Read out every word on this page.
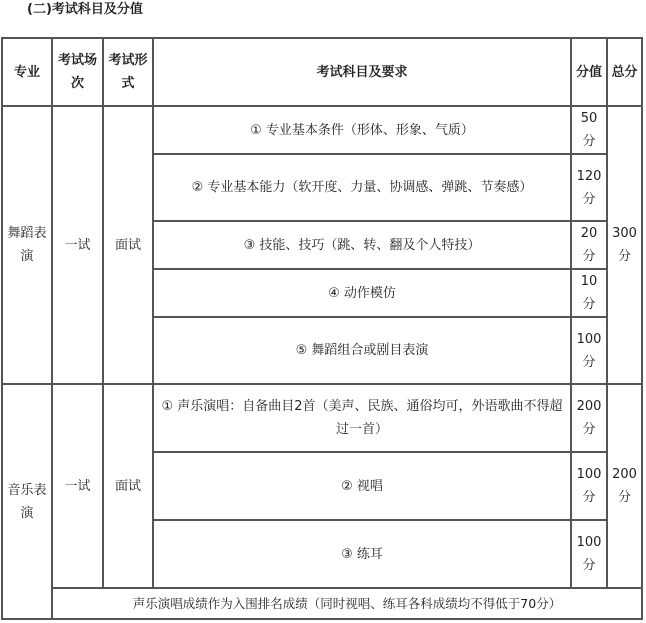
(二)考试科目及分值
专业	考试场次	考试形式	考试科目及要求	分值	总分
舞蹈表演	一试	面试	① 专业基本条件（形体、形象、气质）	50分	300分
			② 专业基本能力（软开度、力量、协调感、弹跳、节奏感）	120分	
			③ 技能、技巧（跳、转、翻及个人特技）	20分	
			④ 动作模仿	10分	
			⑤ 舞蹈组合或剧目表演	100分	
音乐表演	一试	面试	① 声乐演唱：自备曲目2首（美声、民族、通俗均可，外语歌曲不得超过一首）	200分	200分
			② 视唱	100分	
			③ 练耳	100分	
	声乐演唱成绩作为入围排名成绩（同时视唱、练耳各科成绩均不得低于70分）				
